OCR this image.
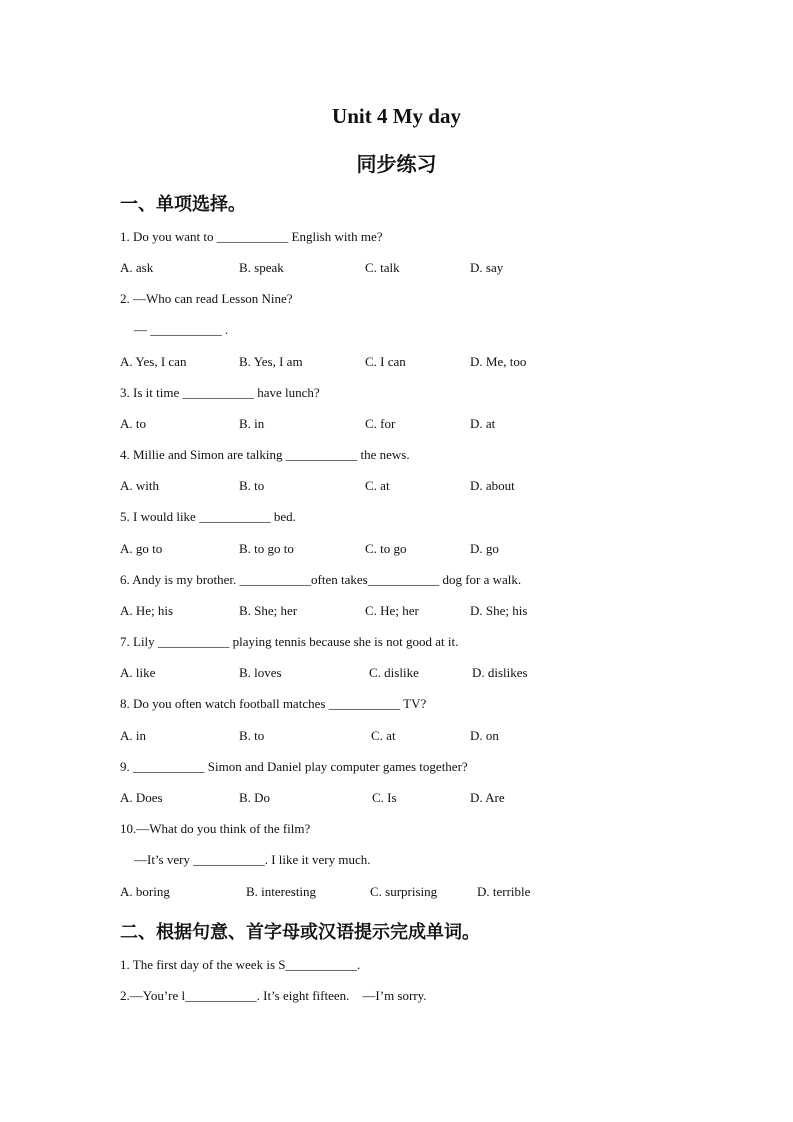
Unit 4 My day
同步练习
一、单项选择。
1. Do you want to ___________ English with me?
A. ask	B. speak	C. talk	D. say
2. —Who can read Lesson Nine?
— ___________ .
A. Yes, I can	B. Yes, I am	C. I can	D. Me, too
3. Is it time ___________ have lunch?
A. to	B. in	C. for	D. at
4. Millie and Simon are talking ___________ the news.
A. with	B. to	C. at	D. about
5. I would like ___________ bed.
A. go to	B. to go to	C. to go	D. go
6. Andy is my brother. ___________often takes___________ dog for a walk.
A. He; his	B. She; her	C. He; her	D. She; his
7. Lily ___________ playing tennis because she is not good at it.
A. like	B. loves	C. dislike	D. dislikes
8. Do you often watch football matches ___________ TV?
A. in	B. to	C. at	D. on
9. ___________ Simon and Daniel play computer games together?
A. Does	B. Do	C. Is	D. Are
10.—What do you think of the film?
—It’s very ___________. I like it very much.
A. boring	B. interesting	C. surprising	D. terrible
二、根据句意、首字母或汉语提示完成单词。
1. The first day of the week is S___________.
2.—You’re l___________. It’s eight fifteen.    —I’m sorry.
